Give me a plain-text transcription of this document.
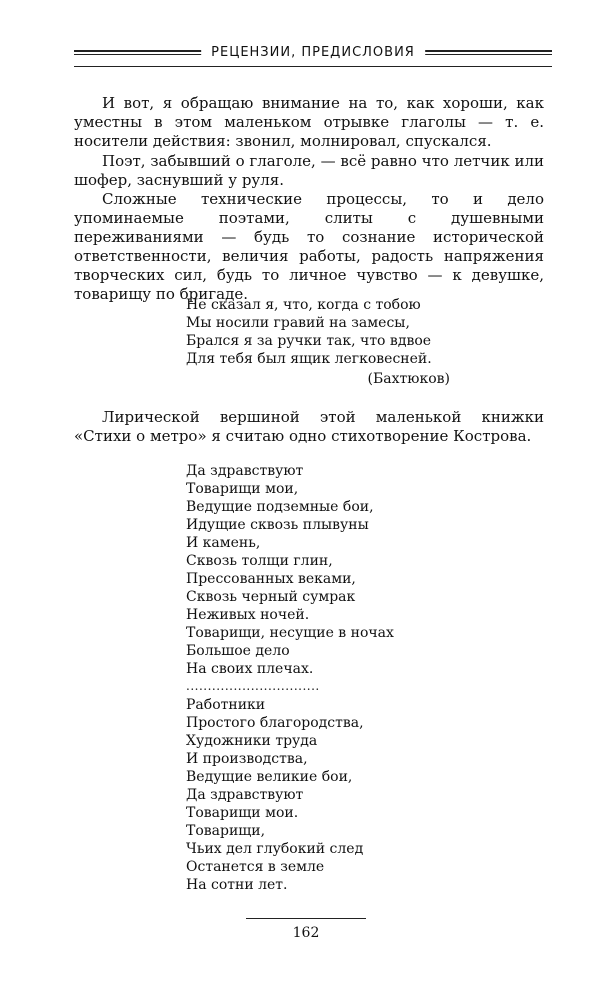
РЕЦЕНЗИИ, ПРЕДИСЛОВИЯ

И вот, я обращаю внимание на то, как хороши, как уместны в этом маленьком отрывке глаголы — т. е. носители действия: звонил, молнировал, спускался.

Поэт, забывший о глаголе, — всё равно что летчик или шофер, заснувший у руля.

Сложные технические процессы, то и дело упоминаемые поэтами, слиты с душевными переживаниями — будь то сознание исторической ответственности, величия работы, радость напряжения творческих сил, будь то личное чувство — к девушке, товарищу по бригаде.

Не сказал я, что, когда с тобою
Мы носили гравий на замесы,
Брался я за ручки так, что вдвое
Для тебя был ящик легковесней.
(Бахтюков)

Лирической вершиной этой маленькой книжки «Стихи о метро» я считаю одно стихотворение Кострова.

Да здравствуют
Товарищи мои,
Ведущие подземные бои,
Идущие сквозь плывуны
И камень,
Сквозь толщи глин,
Прессованных веками,
Сквозь черный сумрак
Неживых ночей.
Товарищи, несущие в ночах
Большое дело
На своих плечах.
...............................
Работники
Простого благородства,
Художники труда
И производства,
Ведущие великие бои,
Да здравствуют
Товарищи мои.
Товарищи,
Чьих дел глубокий след
Останется в земле
На сотни лет.
162
